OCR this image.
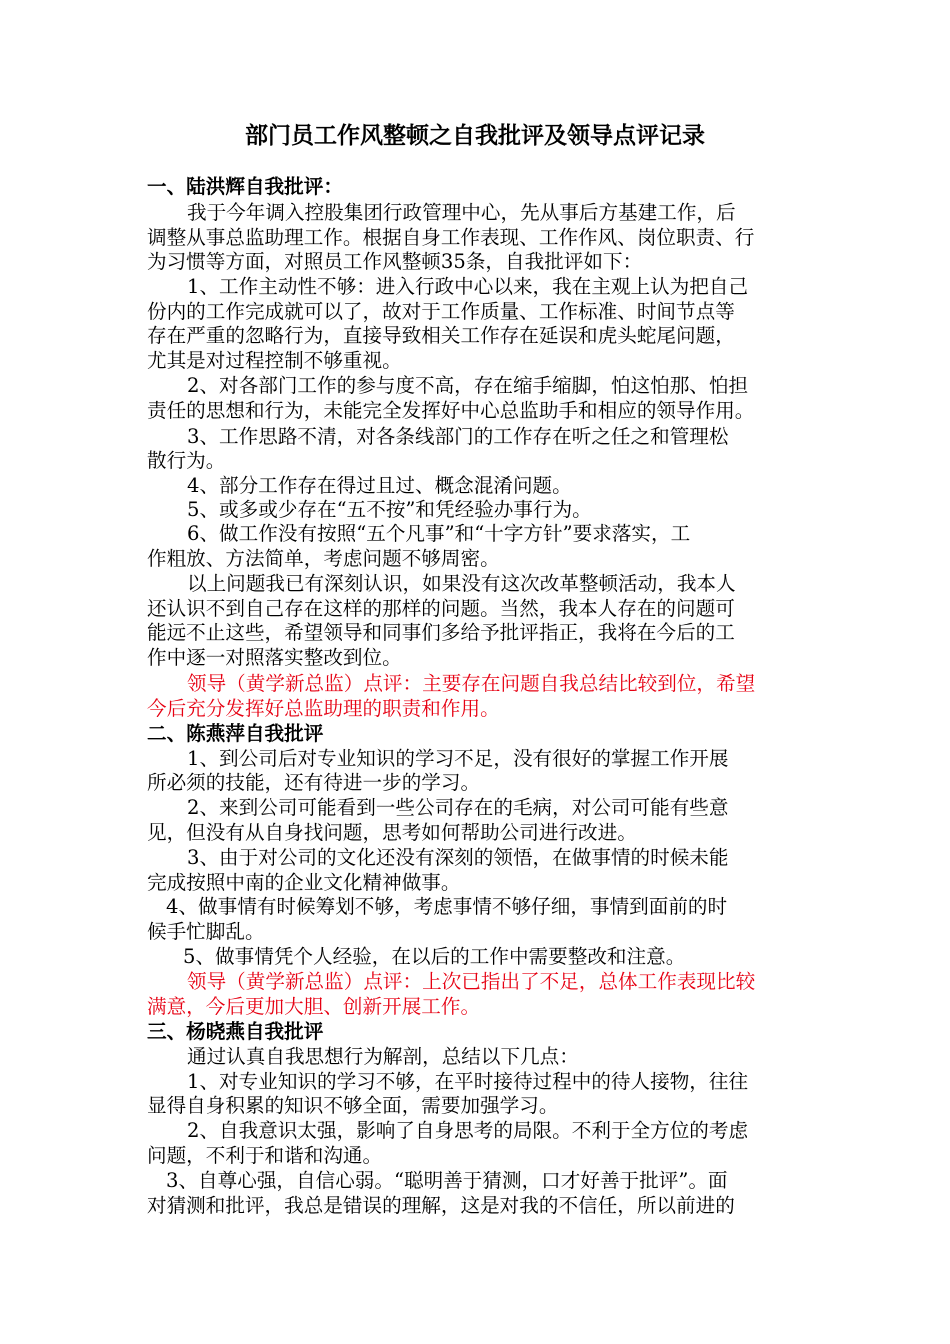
部门员工作风整顿之自我批评及领导点评记录
一、陆洪辉自我批评：
我于今年调入控股集团行政管理中心，先从事后方基建工作，后
调整从事总监助理工作。根据自身工作表现、工作作风、岗位职责、行
为习惯等方面，对照员工作风整顿35条，自我批评如下：
1、工作主动性不够：进入行政中心以来，我在主观上认为把自己
份内的工作完成就可以了，故对于工作质量、工作标准、时间节点等
存在严重的忽略行为，直接导致相关工作存在延误和虎头蛇尾问题，
尤其是对过程控制不够重视。
2、对各部门工作的参与度不高，存在缩手缩脚，怕这怕那、怕担
责任的思想和行为，未能完全发挥好中心总监助手和相应的领导作用。
3、工作思路不清，对各条线部门的工作存在听之任之和管理松
散行为。
4、部分工作存在得过且过、概念混淆问题。
5、或多或少存在“五不按”和凭经验办事行为。
6、做工作没有按照“五个凡事”和“十字方针”要求落实，工
作粗放、方法简单，考虑问题不够周密。
以上问题我已有深刻认识，如果没有这次改革整顿活动，我本人
还认识不到自己存在这样的那样的问题。当然，我本人存在的问题可
能远不止这些，希望领导和同事们多给予批评指正，我将在今后的工
作中逐一对照落实整改到位。
领导（黄学新总监）点评：主要存在问题自我总结比较到位，希望
今后充分发挥好总监助理的职责和作用。
二、陈燕萍自我批评
1、到公司后对专业知识的学习不足，没有很好的掌握工作开展
所必须的技能，还有待进一步的学习。
2、来到公司可能看到一些公司存在的毛病，对公司可能有些意
见，但没有从自身找问题，思考如何帮助公司进行改进。
3、由于对公司的文化还没有深刻的领悟，在做事情的时候未能
完成按照中南的企业文化精神做事。
4、做事情有时候筹划不够，考虑事情不够仔细，事情到面前的时
候手忙脚乱。
5、做事情凭个人经验，在以后的工作中需要整改和注意。
领导（黄学新总监）点评：上次已指出了不足，总体工作表现比较
满意，今后更加大胆、创新开展工作。
三、杨晓燕自我批评
通过认真自我思想行为解剖，总结以下几点：
1、对专业知识的学习不够，在平时接待过程中的待人接物，往往
显得自身积累的知识不够全面，需要加强学习。
2、自我意识太强，影响了自身思考的局限。不利于全方位的考虑
问题，不利于和谐和沟通。
3、自尊心强，自信心弱。“聪明善于猜测，口才好善于批评”。面
对猜测和批评，我总是错误的理解，这是对我的不信任，所以前进的
